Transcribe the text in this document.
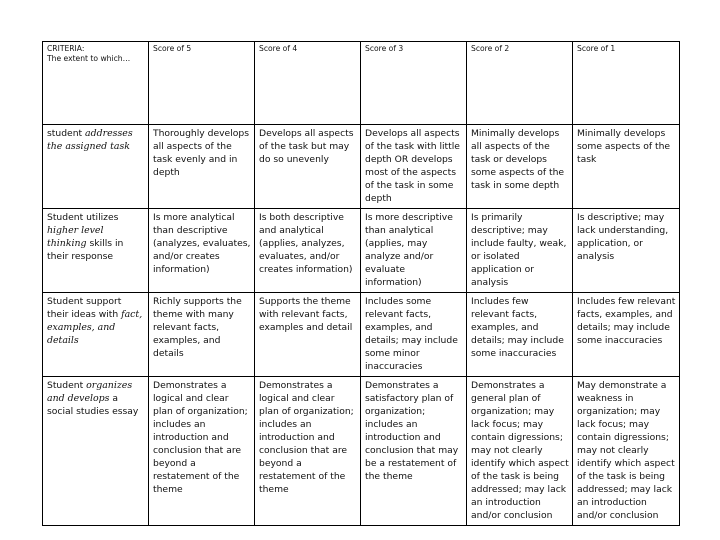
CRITERIA:
The extent to which…	Score of 5	Score of 4	Score of 3	Score of 2	Score of 1
student addresses the assigned task	Thoroughly develops all aspects of the task evenly and in depth	Develops all aspects of the task but may do so unevenly	Develops all aspects of the task with little depth OR develops most of the aspects of the task in some depth	Minimally develops all aspects of the task or develops some aspects of the task in some depth	Minimally develops some aspects of the task
Student utilizes higher level thinking skills in their response	Is more analytical than descriptive (analyzes, evaluates, and/or creates information)	Is both descriptive and analytical (applies, analyzes, evaluates, and/or creates information)	Is more descriptive than analytical (applies, may analyze and/or evaluate information)	Is primarily descriptive; may include faulty, weak, or isolated application or analysis	Is descriptive; may lack understanding, application, or analysis
Student support their ideas with fact, examples, and details	Richly supports the theme with many relevant facts, examples, and details	Supports the theme with relevant facts, examples and detail	Includes some relevant facts, examples, and details; may include some minor inaccuracies	Includes few relevant facts, examples, and details; may include some inaccuracies	Includes few relevant facts, examples, and details; may include some inaccuracies
Student organizes and develops a social studies essay	Demonstrates a logical and clear plan of organization; includes an introduction and conclusion that are beyond a restatement of the theme	Demonstrates a logical and clear plan of organization; includes an introduction and conclusion that are beyond a restatement of the theme	Demonstrates a satisfactory plan of organization; includes an introduction and conclusion that may be a restatement of the theme	Demonstrates a general plan of organization; may lack focus; may contain digressions; may not clearly identify which aspect of the task is being addressed; may lack an introduction and/or conclusion	May demonstrate a weakness in organization; may lack focus; may contain digressions; may not clearly identify which aspect of the task is being addressed; may lack an introduction and/or conclusion
